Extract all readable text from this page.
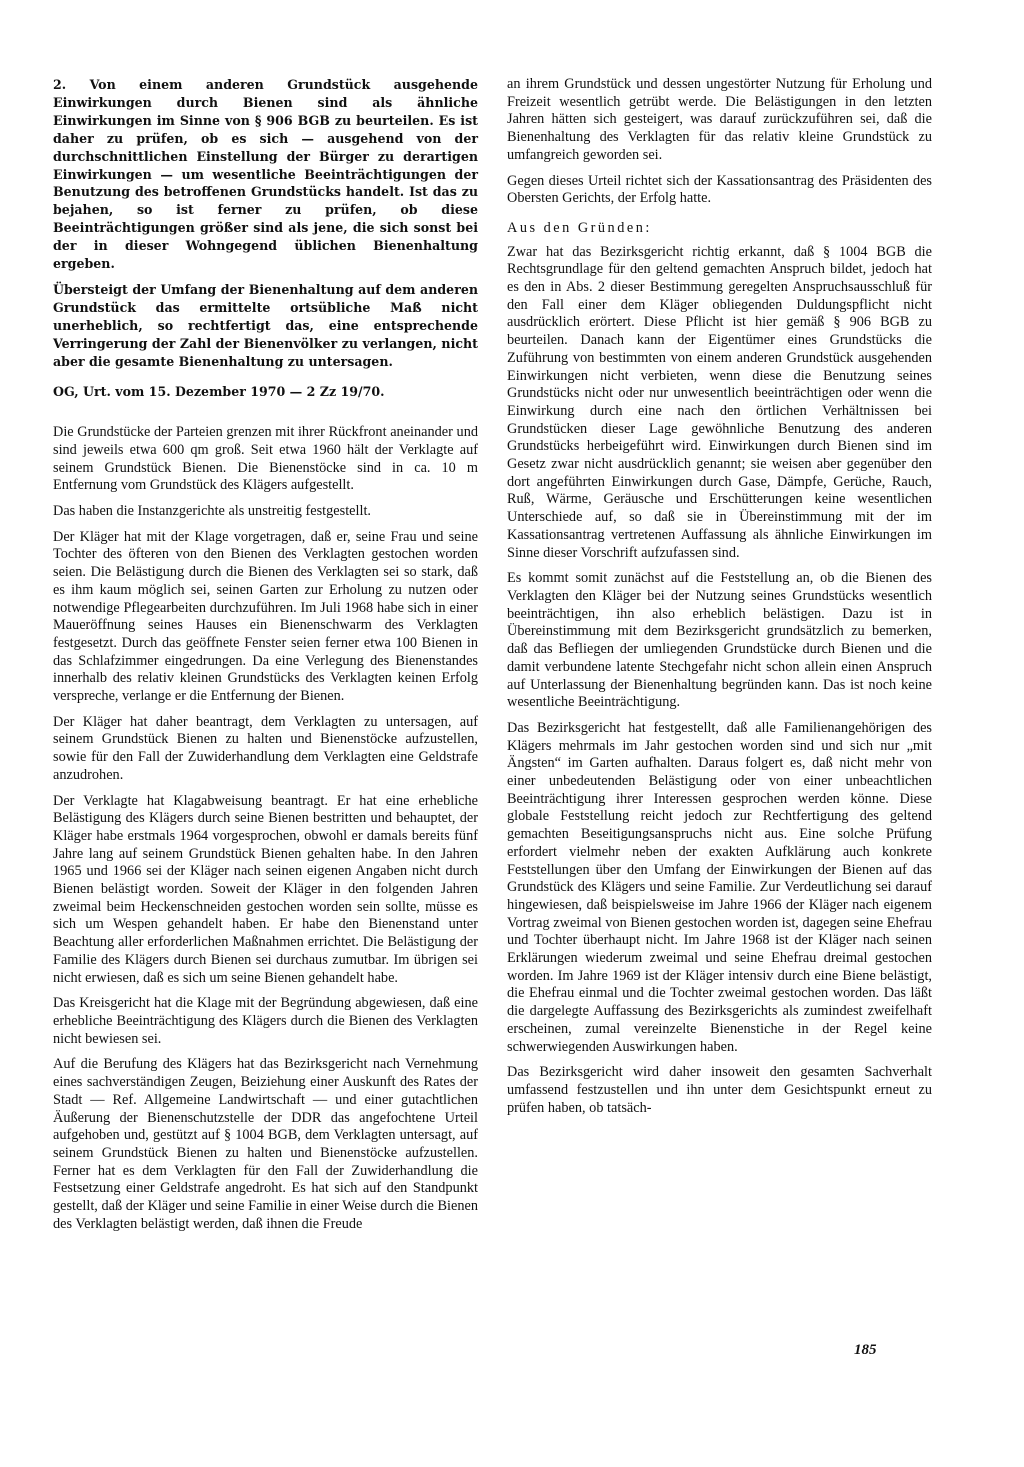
2. Von einem anderen Grundstück ausgehende Einwirkungen durch Bienen sind als ähnliche Einwirkungen im Sinne von § 906 BGB zu beurteilen. Es ist daher zu prüfen, ob es sich — ausgehend von der durchschnittlichen Einstellung der Bürger zu derartigen Einwirkungen — um wesentliche Beeinträchtigungen der Benutzung des betroffenen Grundstücks handelt. Ist das zu bejahen, so ist ferner zu prüfen, ob diese Beeinträchtigungen größer sind als jene, die sich sonst bei der in dieser Wohngegend üblichen Bienenhaltung ergeben.

Übersteigt der Umfang der Bienenhaltung auf dem anderen Grundstück das ermittelte ortsübliche Maß nicht unerheblich, so rechtfertigt das, eine entsprechende Verringerung der Zahl der Bienenvölker zu verlangen, nicht aber die gesamte Bienenhaltung zu untersagen.

OG, Urt. vom 15. Dezember 1970 — 2 Zz 19/70.

Die Grundstücke der Parteien grenzen mit ihrer Rückfront aneinander und sind jeweils etwa 600 qm groß. Seit etwa 1960 hält der Verklagte auf seinem Grundstück Bienen. Die Bienenstöcke sind in ca. 10 m Entfernung vom Grundstück des Klägers aufgestellt.

Das haben die Instanzgerichte als unstreitig festgestellt.

Der Kläger hat mit der Klage vorgetragen, daß er, seine Frau und seine Tochter des öfteren von den Bienen des Verklagten gestochen worden seien. Die Belästigung durch die Bienen des Verklagten sei so stark, daß es ihm kaum möglich sei, seinen Garten zur Erholung zu nutzen oder notwendige Pflegearbeiten durchzuführen. Im Juli 1968 habe sich in einer Maueröffnung seines Hauses ein Bienenschwarm des Verklagten festgesetzt. Durch das geöffnete Fenster seien ferner etwa 100 Bienen in das Schlafzimmer eingedrungen. Da eine Verlegung des Bienenstandes innerhalb des relativ kleinen Grundstücks des Verklagten keinen Erfolg verspreche, verlange er die Entfernung der Bienen.

Der Kläger hat daher beantragt, dem Verklagten zu untersagen, auf seinem Grundstück Bienen zu halten und Bienenstöcke aufzustellen, sowie für den Fall der Zuwiderhandlung dem Verklagten eine Geldstrafe anzudrohen.

Der Verklagte hat Klagabweisung beantragt. Er hat eine erhebliche Belästigung des Klägers durch seine Bienen bestritten und behauptet, der Kläger habe erstmals 1964 vorgesprochen, obwohl er damals bereits fünf Jahre lang auf seinem Grundstück Bienen gehalten habe. In den Jahren 1965 und 1966 sei der Kläger nach seinen eigenen Angaben nicht durch Bienen belästigt worden. Soweit der Kläger in den folgenden Jahren zweimal beim Heckenschneiden gestochen worden sein sollte, müsse es sich um Wespen gehandelt haben. Er habe den Bienenstand unter Beachtung aller erforderlichen Maßnahmen errichtet. Die Belästigung der Familie des Klägers durch Bienen sei durchaus zumutbar. Im übrigen sei nicht erwiesen, daß es sich um seine Bienen gehandelt habe.

Das Kreisgericht hat die Klage mit der Begründung abgewiesen, daß eine erhebliche Beeinträchtigung des Klägers durch die Bienen des Verklagten nicht bewiesen sei.

Auf die Berufung des Klägers hat das Bezirksgericht nach Vernehmung eines sachverständigen Zeugen, Beiziehung einer Auskunft des Rates der Stadt — Ref. Allgemeine Landwirtschaft — und einer gutachtlichen Äußerung der Bienenschutzstelle der DDR das angefochtene Urteil aufgehoben und, gestützt auf § 1004 BGB, dem Verklagten untersagt, auf seinem Grundstück Bienen zu halten und Bienenstöcke aufzustellen. Ferner hat es dem Verklagten für den Fall der Zuwiderhandlung die Festsetzung einer Geldstrafe angedroht. Es hat sich auf den Standpunkt gestellt, daß der Kläger und seine Familie in einer Weise durch die Bienen des Verklagten belästigt werden, daß ihnen die Freude

an ihrem Grundstück und dessen ungestörter Nutzung für Erholung und Freizeit wesentlich getrübt werde. Die Belästigungen in den letzten Jahren hätten sich gesteigert, was darauf zurückzuführen sei, daß die Bienenhaltung des Verklagten für das relativ kleine Grundstück zu umfangreich geworden sei.

Gegen dieses Urteil richtet sich der Kassationsantrag des Präsidenten des Obersten Gerichts, der Erfolg hatte.

Aus den Gründen:

Zwar hat das Bezirksgericht richtig erkannt, daß § 1004 BGB die Rechtsgrundlage für den geltend gemachten Anspruch bildet, jedoch hat es den in Abs. 2 dieser Bestimmung geregelten Anspruchsausschluß für den Fall einer dem Kläger obliegenden Duldungspflicht nicht ausdrücklich erörtert. Diese Pflicht ist hier gemäß § 906 BGB zu beurteilen. Danach kann der Eigentümer eines Grundstücks die Zuführung von bestimmten von einem anderen Grundstück ausgehenden Einwirkungen nicht verbieten, wenn diese die Benutzung seines Grundstücks nicht oder nur unwesentlich beeinträchtigen oder wenn die Einwirkung durch eine nach den örtlichen Verhältnissen bei Grundstücken dieser Lage gewöhnliche Benutzung des anderen Grundstücks herbeigeführt wird. Einwirkungen durch Bienen sind im Gesetz zwar nicht ausdrücklich genannt; sie weisen aber gegenüber den dort angeführten Einwirkungen durch Gase, Dämpfe, Gerüche, Rauch, Ruß, Wärme, Geräusche und Erschütterungen keine wesentlichen Unterschiede auf, so daß sie in Übereinstimmung mit der im Kassationsantrag vertretenen Auffassung als ähnliche Einwirkungen im Sinne dieser Vorschrift aufzufassen sind.

Es kommt somit zunächst auf die Feststellung an, ob die Bienen des Verklagten den Kläger bei der Nutzung seines Grundstücks wesentlich beeinträchtigen, ihn also erheblich belästigen. Dazu ist in Übereinstimmung mit dem Bezirksgericht grundsätzlich zu bemerken, daß das Befliegen der umliegenden Grundstücke durch Bienen und die damit verbundene latente Stechgefahr nicht schon allein einen Anspruch auf Unterlassung der Bienenhaltung begründen kann. Das ist noch keine wesentliche Beeinträchtigung.

Das Bezirksgericht hat festgestellt, daß alle Familienangehörigen des Klägers mehrmals im Jahr gestochen worden sind und sich nur „mit Ängsten“ im Garten aufhalten. Daraus folgert es, daß nicht mehr von einer unbedeutenden Belästigung oder von einer unbeachtlichen Beeinträchtigung ihrer Interessen gesprochen werden könne. Diese globale Feststellung reicht jedoch zur Rechtfertigung des geltend gemachten Beseitigungsanspruchs nicht aus. Eine solche Prüfung erfordert vielmehr neben der exakten Aufklärung auch konkrete Feststellungen über den Umfang der Einwirkungen der Bienen auf das Grundstück des Klägers und seine Familie. Zur Verdeutlichung sei darauf hingewiesen, daß beispielsweise im Jahre 1966 der Kläger nach eigenem Vortrag zweimal von Bienen gestochen worden ist, dagegen seine Ehefrau und Tochter überhaupt nicht. Im Jahre 1968 ist der Kläger nach seinen Erklärungen wiederum zweimal und seine Ehefrau dreimal gestochen worden. Im Jahre 1969 ist der Kläger intensiv durch eine Biene belästigt, die Ehefrau einmal und die Tochter zweimal gestochen worden. Das läßt die dargelegte Auffassung des Bezirksgerichts als zumindest zweifelhaft erscheinen, zumal vereinzelte Bienenstiche in der Regel keine schwerwiegenden Auswirkungen haben.

Das Bezirksgericht wird daher insoweit den gesamten Sachverhalt umfassend festzustellen und ihn unter dem Gesichtspunkt erneut zu prüfen haben, ob tatsäch-

185
